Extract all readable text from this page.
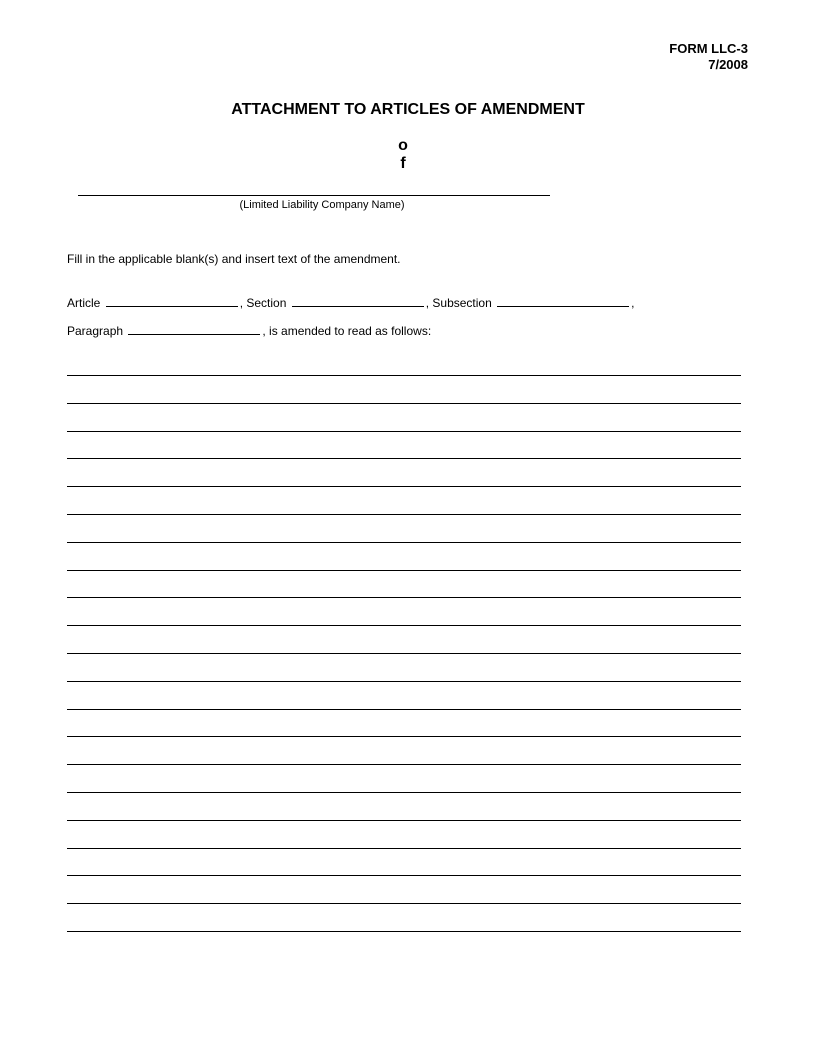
FORM LLC-3
7/2008
ATTACHMENT TO ARTICLES OF AMENDMENT
o
f
(Limited Liability Company Name)
Fill in the applicable blank(s) and insert text of the amendment.
Article	, Section	, Subsection	,
Paragraph	, is amended to read as follows:
